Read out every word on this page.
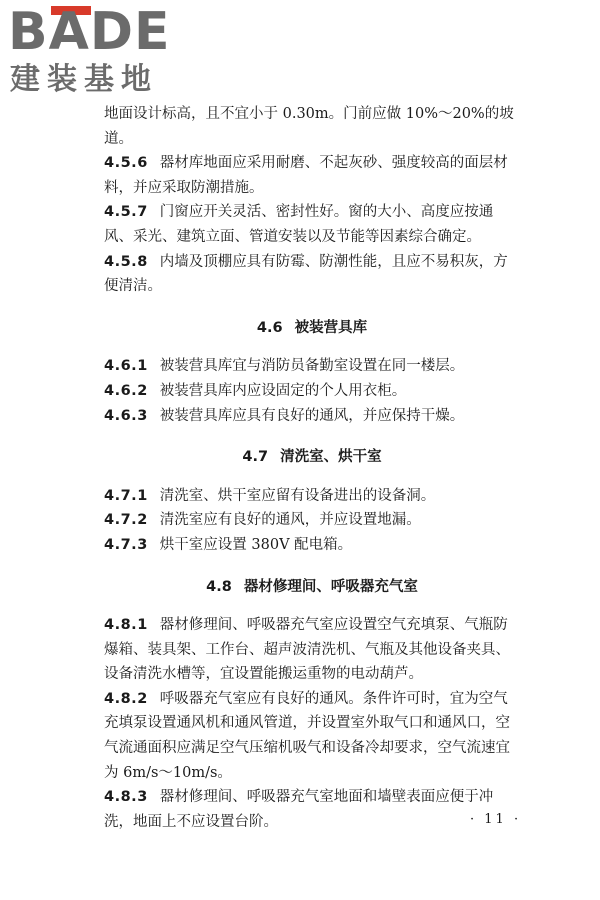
BADE

建装基地

地面设计标高，且不宜小于 0.30m。门前应做 10%～20%的坡道。

4.5.6 器材库地面应采用耐磨、不起灰砂、强度较高的面层材料，并应采取防潮措施。

4.5.7 门窗应开关灵活、密封性好。窗的大小、高度应按通风、采光、建筑立面、管道安装以及节能等因素综合确定。

4.5.8 内墙及顶棚应具有防霉、防潮性能，且应不易积灰，方便清洁。

4.6 被装营具库

4.6.1 被装营具库宜与消防员备勤室设置在同一楼层。

4.6.2 被装营具库内应设固定的个人用衣柜。

4.6.3 被装营具库应具有良好的通风，并应保持干燥。

4.7 清洗室、烘干室

4.7.1 清洗室、烘干室应留有设备进出的设备洞。

4.7.2 清洗室应有良好的通风，并应设置地漏。

4.7.3 烘干室应设置 380V 配电箱。

4.8 器材修理间、呼吸器充气室

4.8.1 器材修理间、呼吸器充气室应设置空气充填泵、气瓶防爆箱、装具架、工作台、超声波清洗机、气瓶及其他设备夹具、设备清洗水槽等，宜设置能搬运重物的电动葫芦。

4.8.2 呼吸器充气室应有良好的通风。条件许可时，宜为空气充填泵设置通风机和通风管道，并设置室外取气口和通风口，空气流通面积应满足空气压缩机吸气和设备冷却要求，空气流速宜为 6m/s～10m/s。

4.8.3 器材修理间、呼吸器充气室地面和墙壁表面应便于冲洗，地面上不应设置台阶。	· 11 ·
